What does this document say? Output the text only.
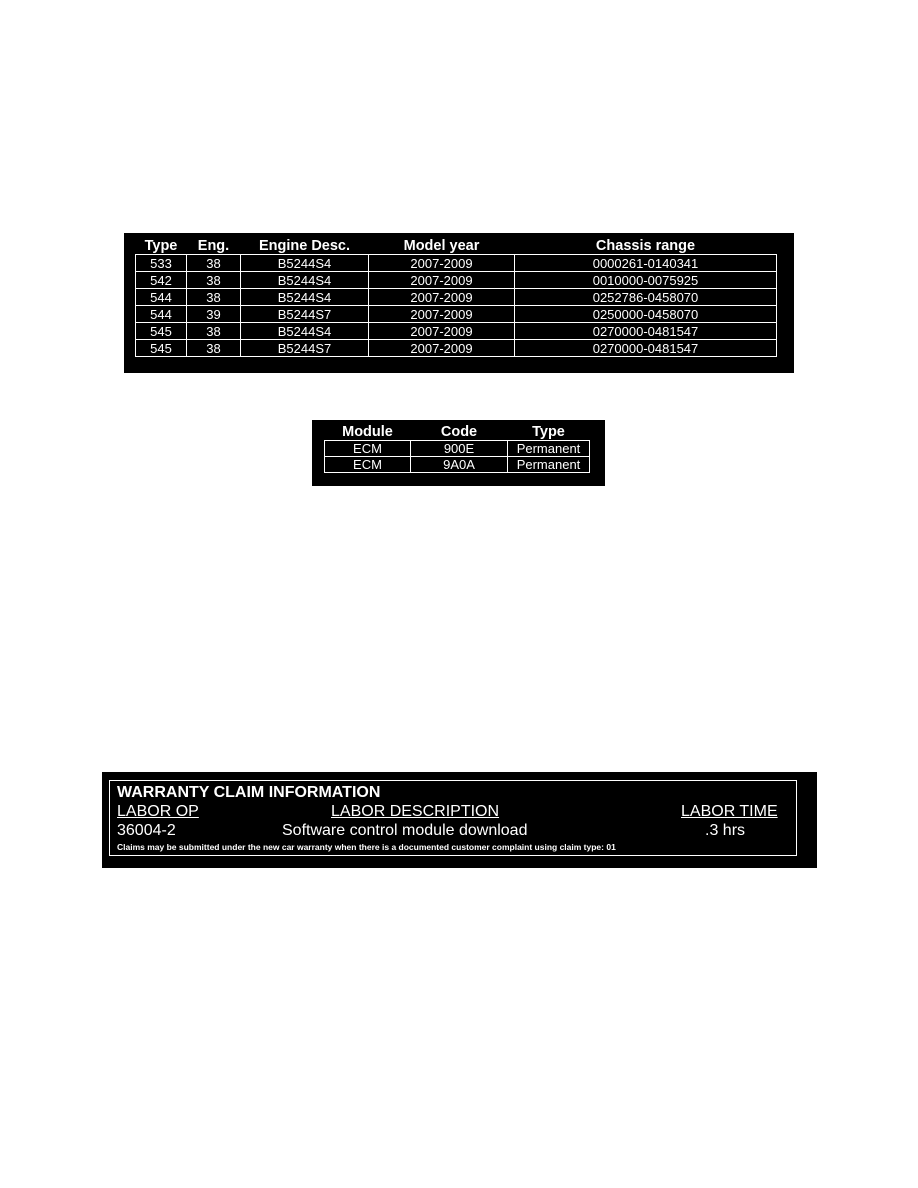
Type	Eng.	Engine Desc.	Model year	Chassis range
533	38	B5244S4	2007-2009	0000261-0140341
542	38	B5244S4	2007-2009	0010000-0075925
544	38	B5244S4	2007-2009	0252786-0458070
544	39	B5244S7	2007-2009	0250000-0458070
545	38	B5244S4	2007-2009	0270000-0481547
545	38	B5244S7	2007-2009	0270000-0481547
Module	Code	Type
ECM	900E	Permanent
ECM	9A0A	Permanent
WARRANTY CLAIM INFORMATION
LABOR OP	LABOR DESCRIPTION	LABOR TIME
36004-2	Software control module download	.3 hrs
Claims may be submitted under the new car warranty when there is a documented customer complaint using claim type: 01
